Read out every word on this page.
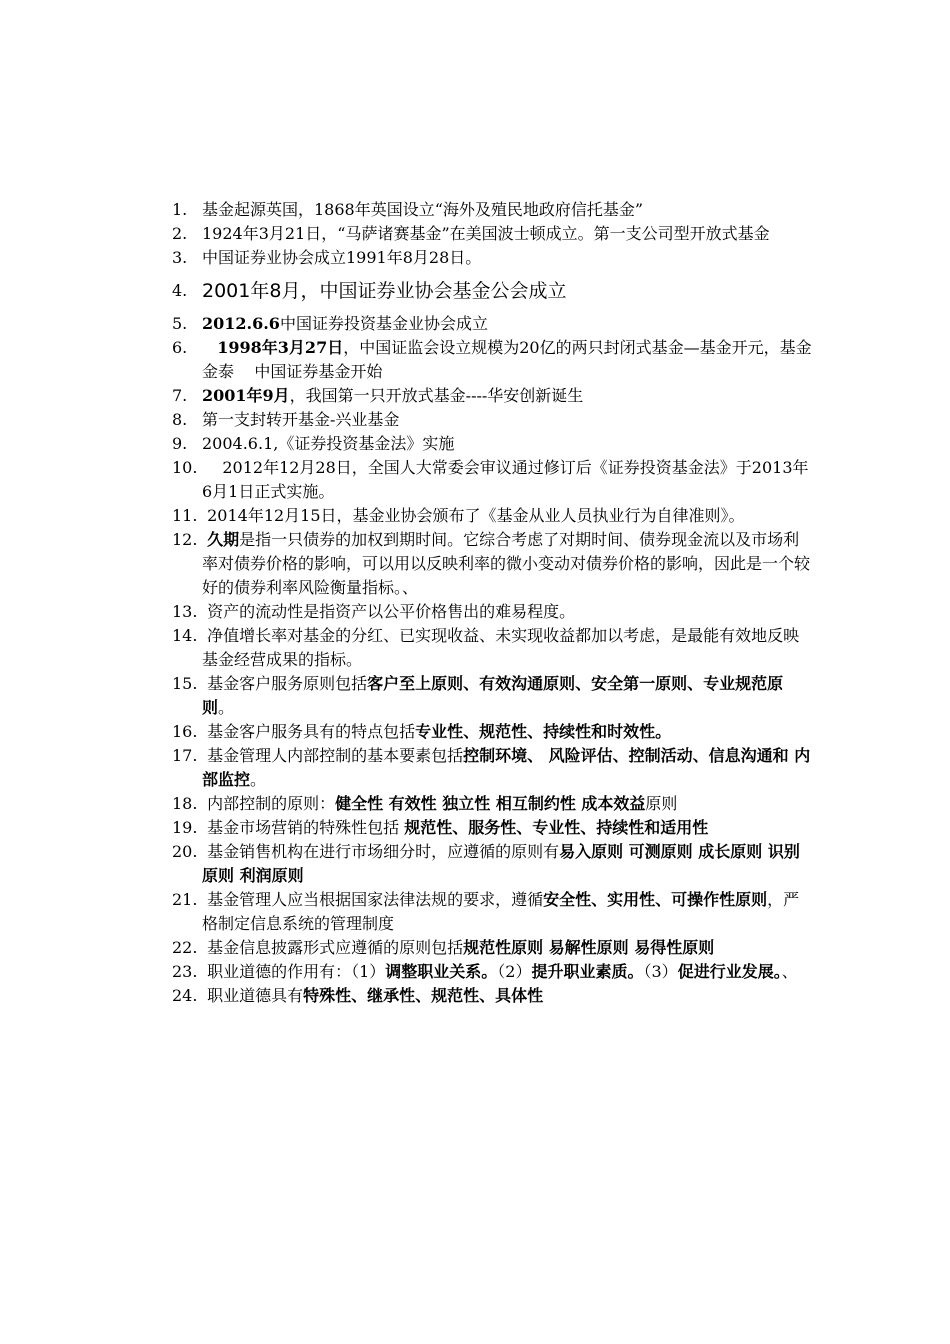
1. 基金起源英国，1868年英国设立“海外及殖民地政府信托基金”
2. 1924年3月21日，“马萨诸赛基金”在美国波士顿成立。第一支公司型开放式基金
3. 中国证券业协会成立1991年8月28日。
4. 2001年8月，中国证券业协会基金公会成立
5. 2012.6.6中国证券投资基金业协会成立
6. 1998年3月27日，中国证监会设立规模为20亿的两只封闭式基金—基金开元，基金金泰    中国证券基金开始
7. 2001年9月，我国第一只开放式基金----华安创新诞生
8. 第一支封转开基金-兴业基金
9. 2004.6.1,《证券投资基金法》实施
10. 2012年12月28日，全国人大常委会审议通过修订后《证券投资基金法》于2013年6月1日正式实施。
11. 2014年12月15日，基金业协会颁布了《基金从业人员执业行为自律准则》。
12. 久期是指一只债券的加权到期时间。它综合考虑了对期时间、债券现金流以及市场利率对债券价格的影响，可以用以反映利率的微小变动对债券价格的影响，因此是一个较好的债券利率风险衡量指标。、
13. 资产的流动性是指资产以公平价格售出的难易程度。
14. 净值增长率对基金的分红、已实现收益、未实现收益都加以考虑，是最能有效地反映基金经营成果的指标。
15. 基金客户服务原则包括客户至上原则、有效沟通原则、安全第一原则、专业规范原则。
16. 基金客户服务具有的特点包括专业性、规范性、持续性和时效性。
17. 基金管理人内部控制的基本要素包括控制环境、 风险评估、控制活动、信息沟通和 内部监控。
18. 内部控制的原则：健全性 有效性 独立性 相互制约性 成本效益原则
19. 基金市场营销的特殊性包括 规范性、服务性、专业性、持续性和适用性
20. 基金销售机构在进行市场细分时，应遵循的原则有易入原则 可测原则 成长原则 识别原则 利润原则
21. 基金管理人应当根据国家法律法规的要求，遵循安全性、实用性、可操作性原则，严格制定信息系统的管理制度
22. 基金信息披露形式应遵循的原则包括规范性原则 易解性原则 易得性原则
23. 职业道德的作用有：（1）调整职业关系。（2）提升职业素质。（3）促进行业发展。、
24. 职业道德具有特殊性、继承性、规范性、具体性
